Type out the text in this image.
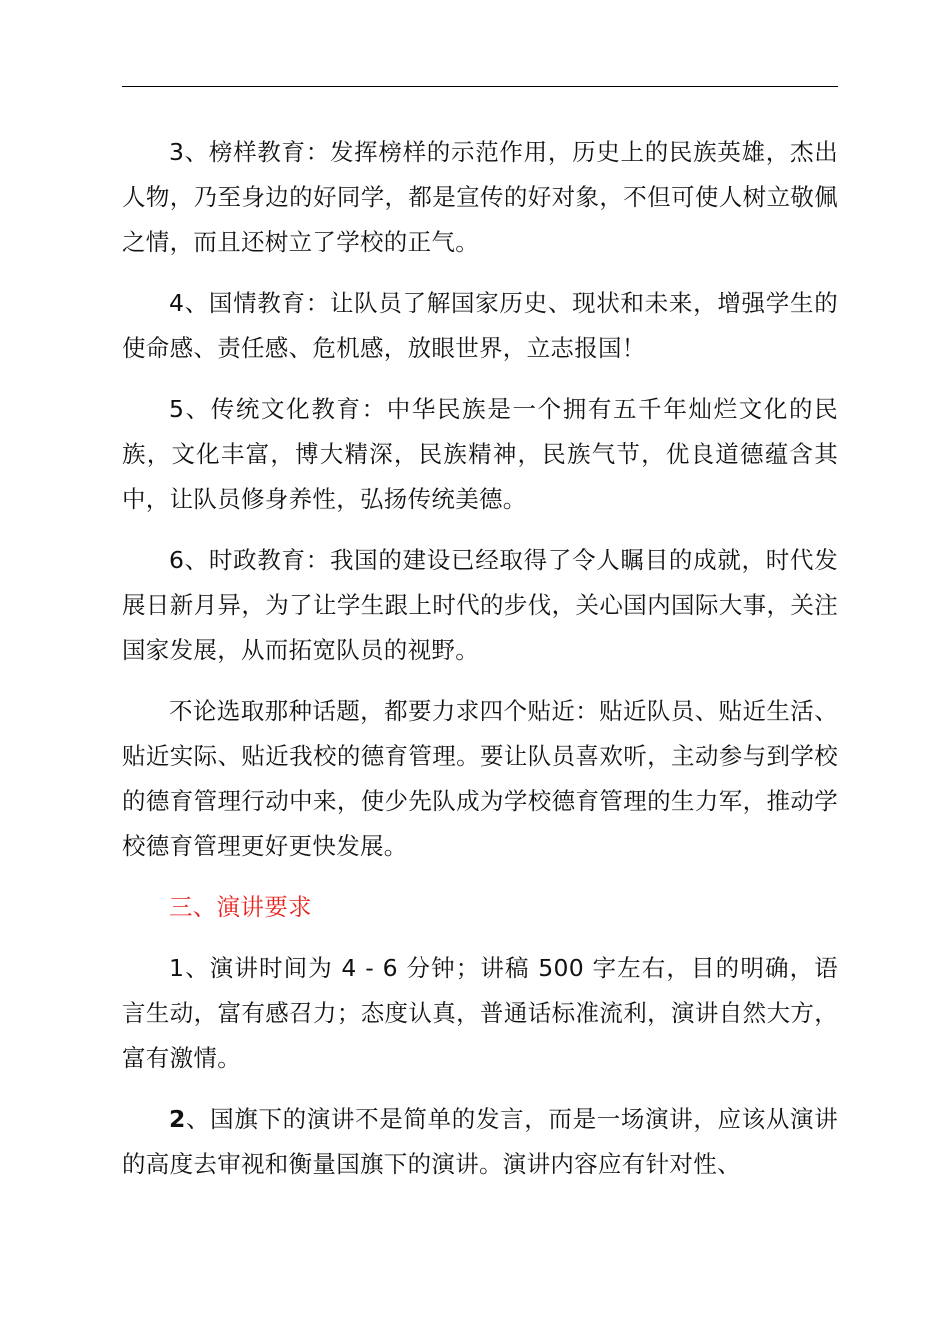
3、榜样教育：发挥榜样的示范作用，历史上的民族英雄，杰出人物，乃至身边的好同学，都是宣传的好对象，不但可使人树立敬佩之情，而且还树立了学校的正气。

4、国情教育：让队员了解国家历史、现状和未来，增强学生的使命感、责任感、危机感，放眼世界，立志报国！

5、传统文化教育：中华民族是一个拥有五千年灿烂文化的民族，文化丰富，博大精深，民族精神，民族气节，优良道德蕴含其中，让队员修身养性，弘扬传统美德。

6、时政教育：我国的建设已经取得了令人瞩目的成就，时代发展日新月异，为了让学生跟上时代的步伐，关心国内国际大事，关注国家发展，从而拓宽队员的视野。

不论选取那种话题，都要力求四个贴近：贴近队员、贴近生活、贴近实际、贴近我校的德育管理。要让队员喜欢听，主动参与到学校的德育管理行动中来，使少先队成为学校德育管理的生力军，推动学校德育管理更好更快发展。

三、演讲要求

1、演讲时间为 4 - 6 分钟；讲稿 500 字左右，目的明确，语言生动，富有感召力；态度认真，普通话标准流利，演讲自然大方，富有激情。

2、国旗下的演讲不是简单的发言，而是一场演讲，应该从演讲的高度去审视和衡量国旗下的演讲。演讲内容应有针对性、
